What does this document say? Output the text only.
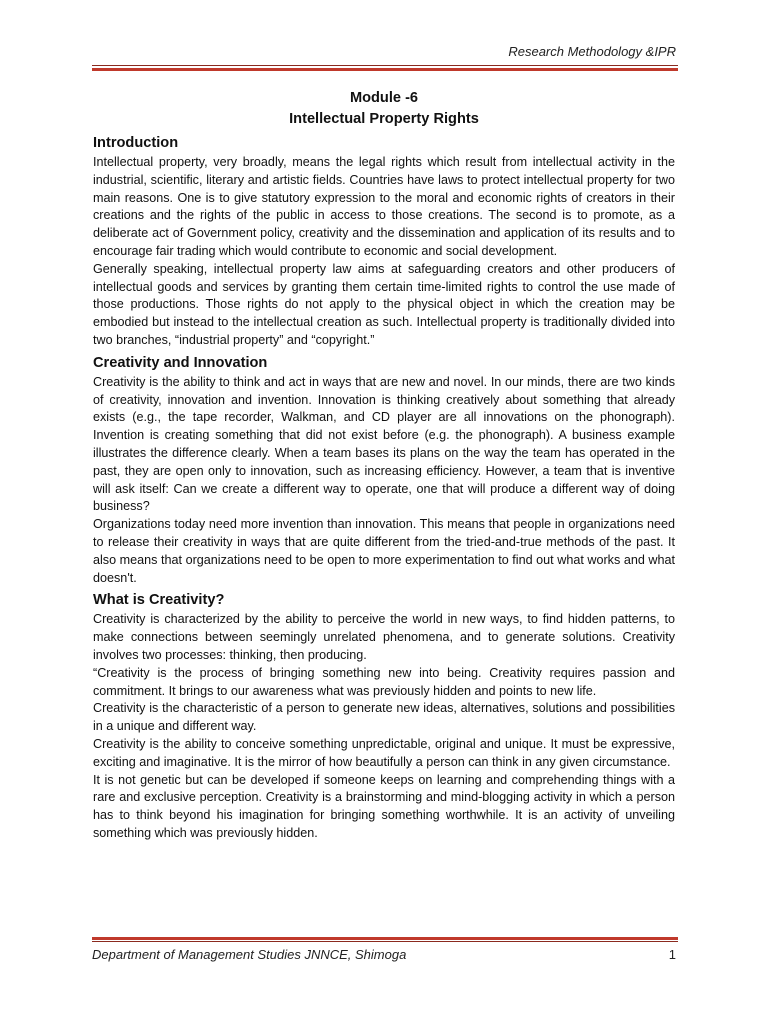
Research Methodology &IPR
Module -6
Intellectual Property Rights
Introduction

Intellectual property, very broadly, means the legal rights which result from intellectual activity in the industrial, scientific, literary and artistic fields. Countries have laws to protect intellectual property for two main reasons. One is to give statutory expression to the moral and economic rights of creators in their creations and the rights of the public in access to those creations. The second is to promote, as a deliberate act of Government policy, creativity and the dissemination and application of its results and to encourage fair trading which would contribute to economic and social development.

Generally speaking, intellectual property law aims at safeguarding creators and other producers of intellectual goods and services by granting them certain time-limited rights to control the use made of those productions. Those rights do not apply to the physical object in which the creation may be embodied but instead to the intellectual creation as such. Intellectual property is traditionally divided into two branches, “industrial property” and “copyright.”

Creativity and Innovation

Creativity is the ability to think and act in ways that are new and novel. In our minds, there are two kinds of creativity, innovation and invention. Innovation is thinking creatively about something that already exists (e.g., the tape recorder, Walkman, and CD player are all innovations on the phonograph). Invention is creating something that did not exist before (e.g. the phonograph). A business example illustrates the difference clearly. When a team bases its plans on the way the team has operated in the past, they are open only to innovation, such as increasing efficiency. However, a team that is inventive will ask itself: Can we create a different way to operate, one that will produce a different way of doing business?

Organizations today need more invention than innovation. This means that people in organizations need to release their creativity in ways that are quite different from the tried-and-true methods of the past. It also means that organizations need to be open to more experimentation to find out what works and what doesn't.

What is Creativity?

Creativity is characterized by the ability to perceive the world in new ways, to find hidden patterns, to make connections between seemingly unrelated phenomena, and to generate solutions. Creativity involves two processes: thinking, then producing.

“Creativity is the process of bringing something new into being. Creativity requires passion and commitment. It brings to our awareness what was previously hidden and points to new life.

Creativity is the characteristic of a person to generate new ideas, alternatives, solutions and possibilities in a unique and different way.

Creativity is the ability to conceive something unpredictable, original and unique. It must be expressive, exciting and imaginative. It is the mirror of how beautifully a person can think in any given circumstance.

It is not genetic but can be developed if someone keeps on learning and comprehending things with a rare and exclusive perception. Creativity is a brainstorming and mind-blogging activity in which a person has to think beyond his imagination for bringing something worthwhile. It is an activity of unveiling something which was previously hidden.

Department of Management Studies JNNCE, Shimoga	1
